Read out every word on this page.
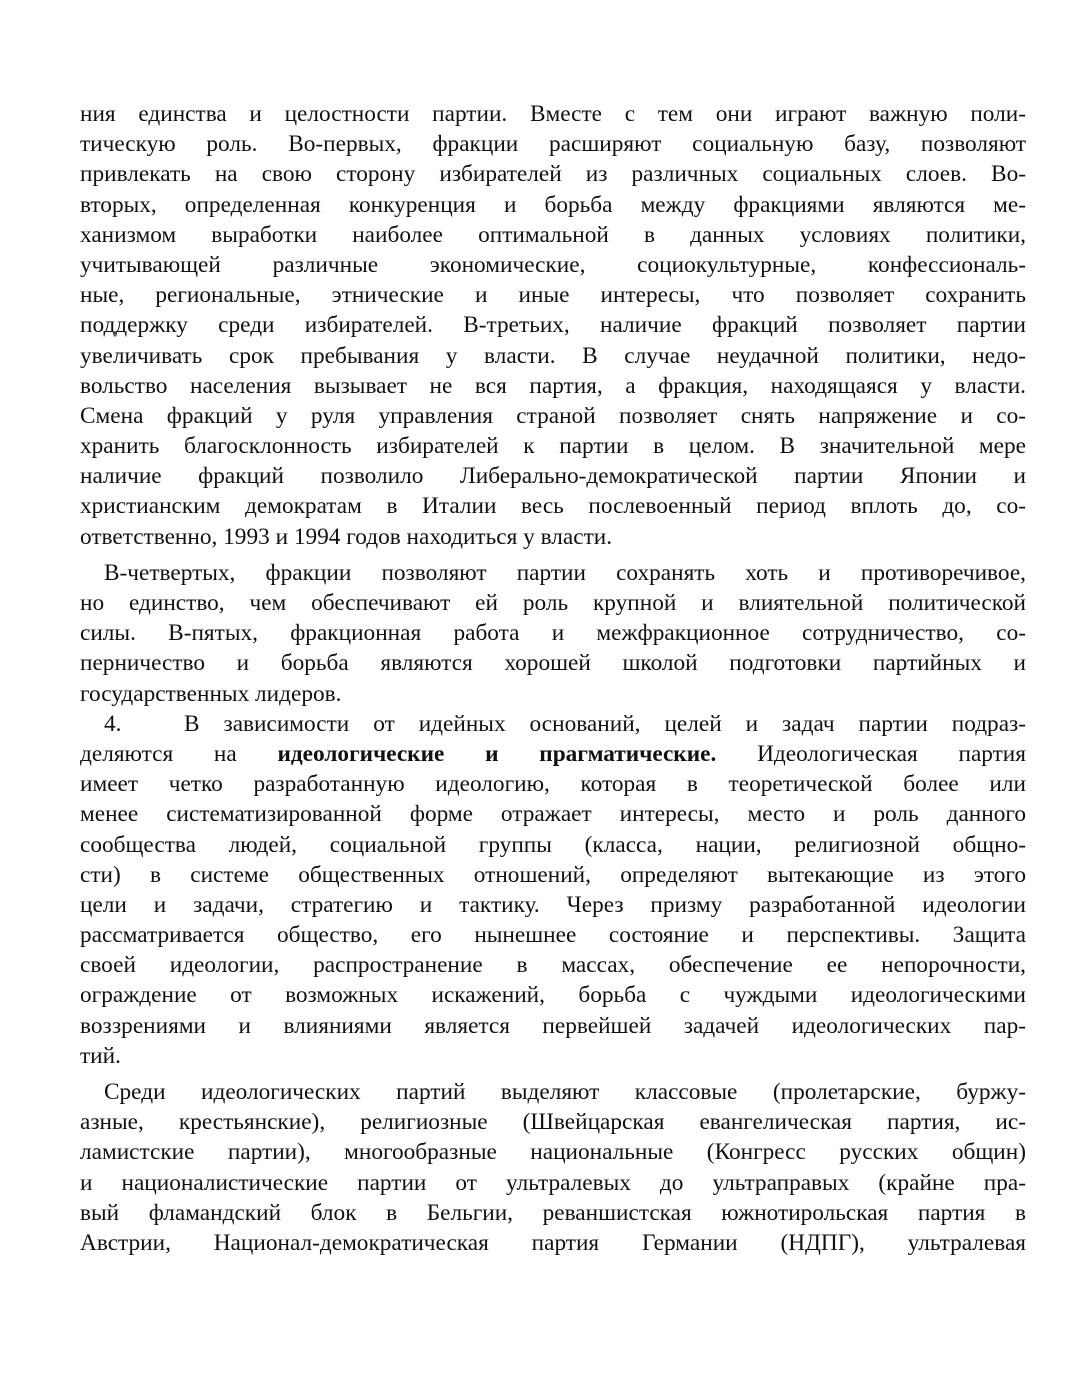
ния единства и целостности партии. Вместе с тем они играют важную поли-
тическую роль. Во-первых, фракции расширяют социальную базу, позволяют
привлекать на свою сторону избирателей из различных социальных слоев. Во-
вторых, определенная конкуренция и борьба между фракциями являются ме-
ханизмом выработки наиболее оптимальной в данных условиях политики,
учитывающей различные экономические, социокультурные, конфессиональ-
ные, региональные, этнические и иные интересы, что позволяет сохранить
поддержку среди избирателей. В-третьих, наличие фракций позволяет партии
увеличивать срок пребывания у власти. В случае неудачной политики, недо-
вольство населения вызывает не вся партия, а фракция, находящаяся у власти.
Смена фракций у руля управления страной позволяет снять напряжение и со-
хранить благосклонность избирателей к партии в целом. В значительной мере
наличие фракций позволило Либерально-демократической партии Японии и
христианским демократам в Италии весь послевоенный период вплоть до, со-
ответственно, 1993 и 1994 годов находиться у власти.
В-четвертых, фракции позволяют партии сохранять хоть и противоречивое,
но единство, чем обеспечивают ей роль крупной и влиятельной политической
силы. В-пятых, фракционная работа и межфракционное сотрудничество, со-
перничество и борьба являются хорошей школой подготовки партийных и
государственных лидеров.
4.	В зависимости от идейных оснований, целей и задач партии подраз-
деляются на идеологические и прагматические. Идеологическая партия
имеет четко разработанную идеологию, которая в теоретической более или
менее систематизированной форме отражает интересы, место и роль данного
сообщества людей, социальной группы (класса, нации, религиозной общно-
сти) в системе общественных отношений, определяют вытекающие из этого
цели и задачи, стратегию и тактику. Через призму разработанной идеологии
рассматривается общество, его нынешнее состояние и перспективы. Защита
своей идеологии, распространение в массах, обеспечение ее непорочности,
ограждение от возможных искажений, борьба с чуждыми идеологическими
воззрениями и влияниями является первейшей задачей идеологических пар-
тий.
Среди идеологических партий выделяют классовые (пролетарские, буржу-
азные, крестьянские), религиозные (Швейцарская евангелическая партия, ис-
ламистские партии), многообразные национальные (Конгресс русских общин)
и националистические партии от ультралевых до ультраправых (крайне пра-
вый фламандский блок в Бельгии, реваншистская южнотирольская партия в
Австрии, Национал-демократическая партия Германии (НДПГ), ультралевая
